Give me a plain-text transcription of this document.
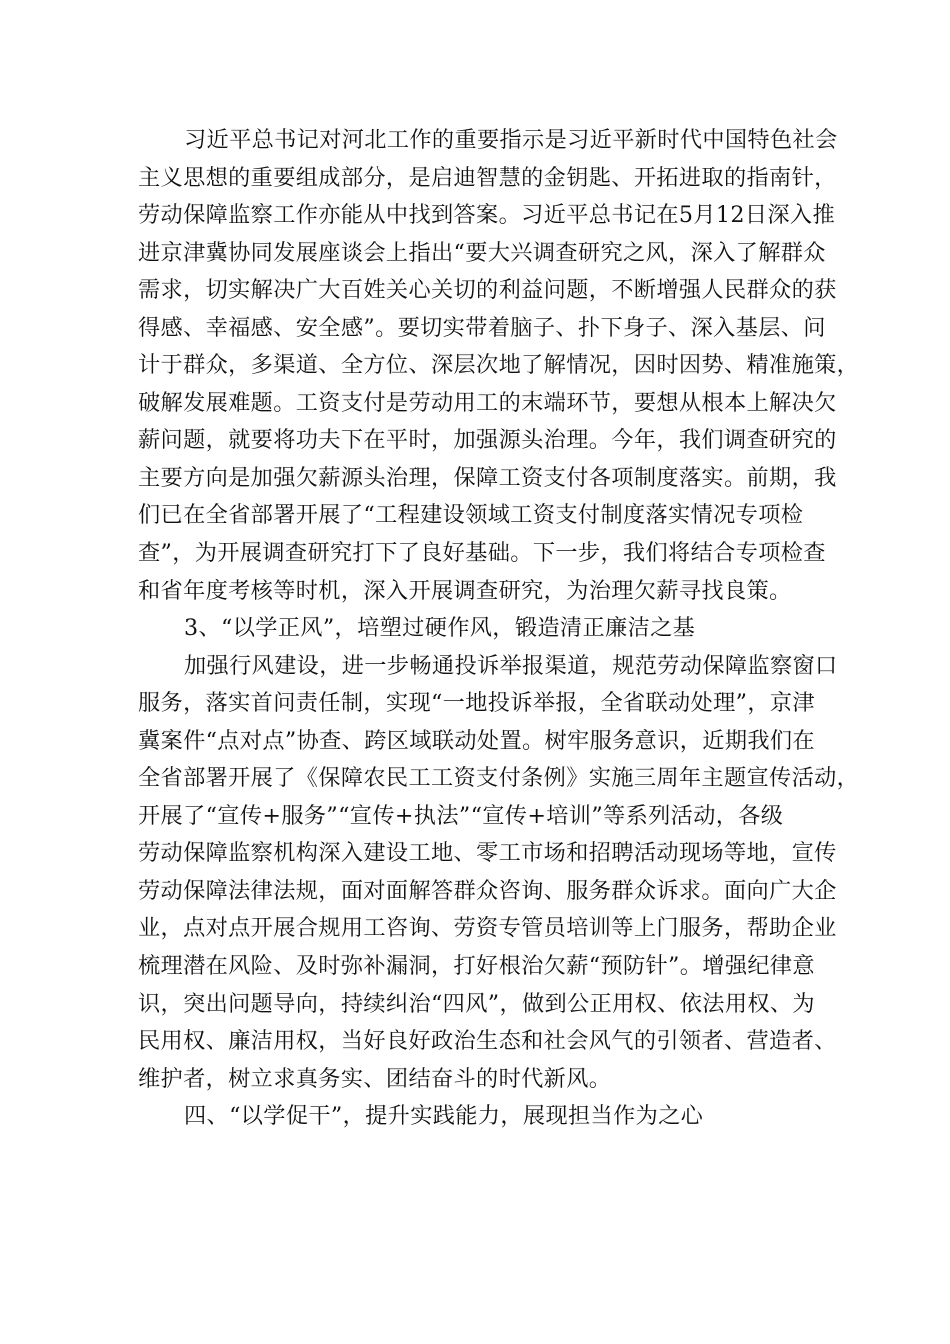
习近平总书记对河北工作的重要指示是习近平新时代中国特色社会
主义思想的重要组成部分，是启迪智慧的金钥匙、开拓进取的指南针，
劳动保障监察工作亦能从中找到答案。习近平总书记在5月12日深入推
进京津冀协同发展座谈会上指出“要大兴调查研究之风，深入了解群众
需求，切实解决广大百姓关心关切的利益问题，不断增强人民群众的获
得感、幸福感、安全感”。要切实带着脑子、扑下身子、深入基层、问
计于群众，多渠道、全方位、深层次地了解情况，因时因势、精准施策，
破解发展难题。工资支付是劳动用工的末端环节，要想从根本上解决欠
薪问题，就要将功夫下在平时，加强源头治理。今年，我们调查研究的
主要方向是加强欠薪源头治理，保障工资支付各项制度落实。前期，我
们已在全省部署开展了“工程建设领域工资支付制度落实情况专项检
查”，为开展调查研究打下了良好基础。下一步，我们将结合专项检查
和省年度考核等时机，深入开展调查研究，为治理欠薪寻找良策。
3、“以学正风”，培塑过硬作风，锻造清正廉洁之基
加强行风建设，进一步畅通投诉举报渠道，规范劳动保障监察窗口
服务，落实首问责任制，实现“一地投诉举报，全省联动处理”，京津
冀案件“点对点”协查、跨区域联动处置。树牢服务意识，近期我们在
全省部署开展了《保障农民工工资支付条例》实施三周年主题宣传活动，
开展了“宣传+服务”“宣传+执法”“宣传+培训”等系列活动，各级
劳动保障监察机构深入建设工地、零工市场和招聘活动现场等地，宣传
劳动保障法律法规，面对面解答群众咨询、服务群众诉求。面向广大企
业，点对点开展合规用工咨询、劳资专管员培训等上门服务，帮助企业
梳理潜在风险、及时弥补漏洞，打好根治欠薪“预防针”。增强纪律意
识，突出问题导向，持续纠治“四风”，做到公正用权、依法用权、为
民用权、廉洁用权，当好良好政治生态和社会风气的引领者、营造者、
维护者，树立求真务实、团结奋斗的时代新风。
四、“以学促干”，提升实践能力，展现担当作为之心
